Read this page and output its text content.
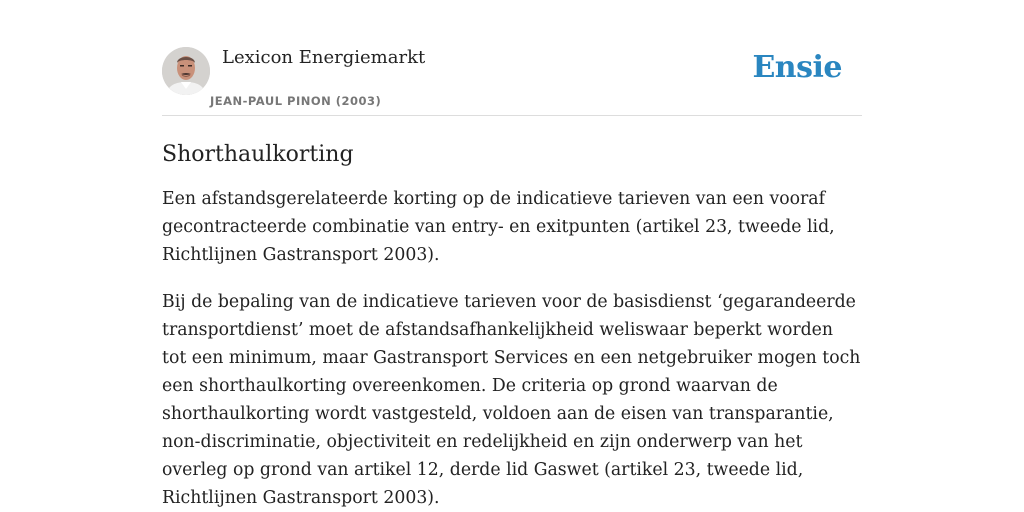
Lexicon Energiemarkt
JEAN-PAUL PINON (2003)
Ensie
Shorthaulkorting

Een afstandsgerelateerde korting op de indicatieve tarieven van een vooraf gecontracteerde combinatie van entry- en exitpunten (artikel 23, tweede lid, Richtlijnen Gastransport 2003).

Bij de bepaling van de indicatieve tarieven voor de basisdienst ‘gegarandeerde transportdienst’ moet de afstandsafhankelijkheid weliswaar beperkt worden tot een minimum, maar Gastransport Services en een netgebruiker mogen toch een shorthaulkorting overeenkomen. De criteria op grond waarvan de shorthaulkorting wordt vastgesteld, voldoen aan de eisen van transparantie, non-discriminatie, objectiviteit en redelijkheid en zijn onderwerp van het overleg op grond van artikel 12, derde lid Gaswet (artikel 23, tweede lid, Richtlijnen Gastransport 2003).
